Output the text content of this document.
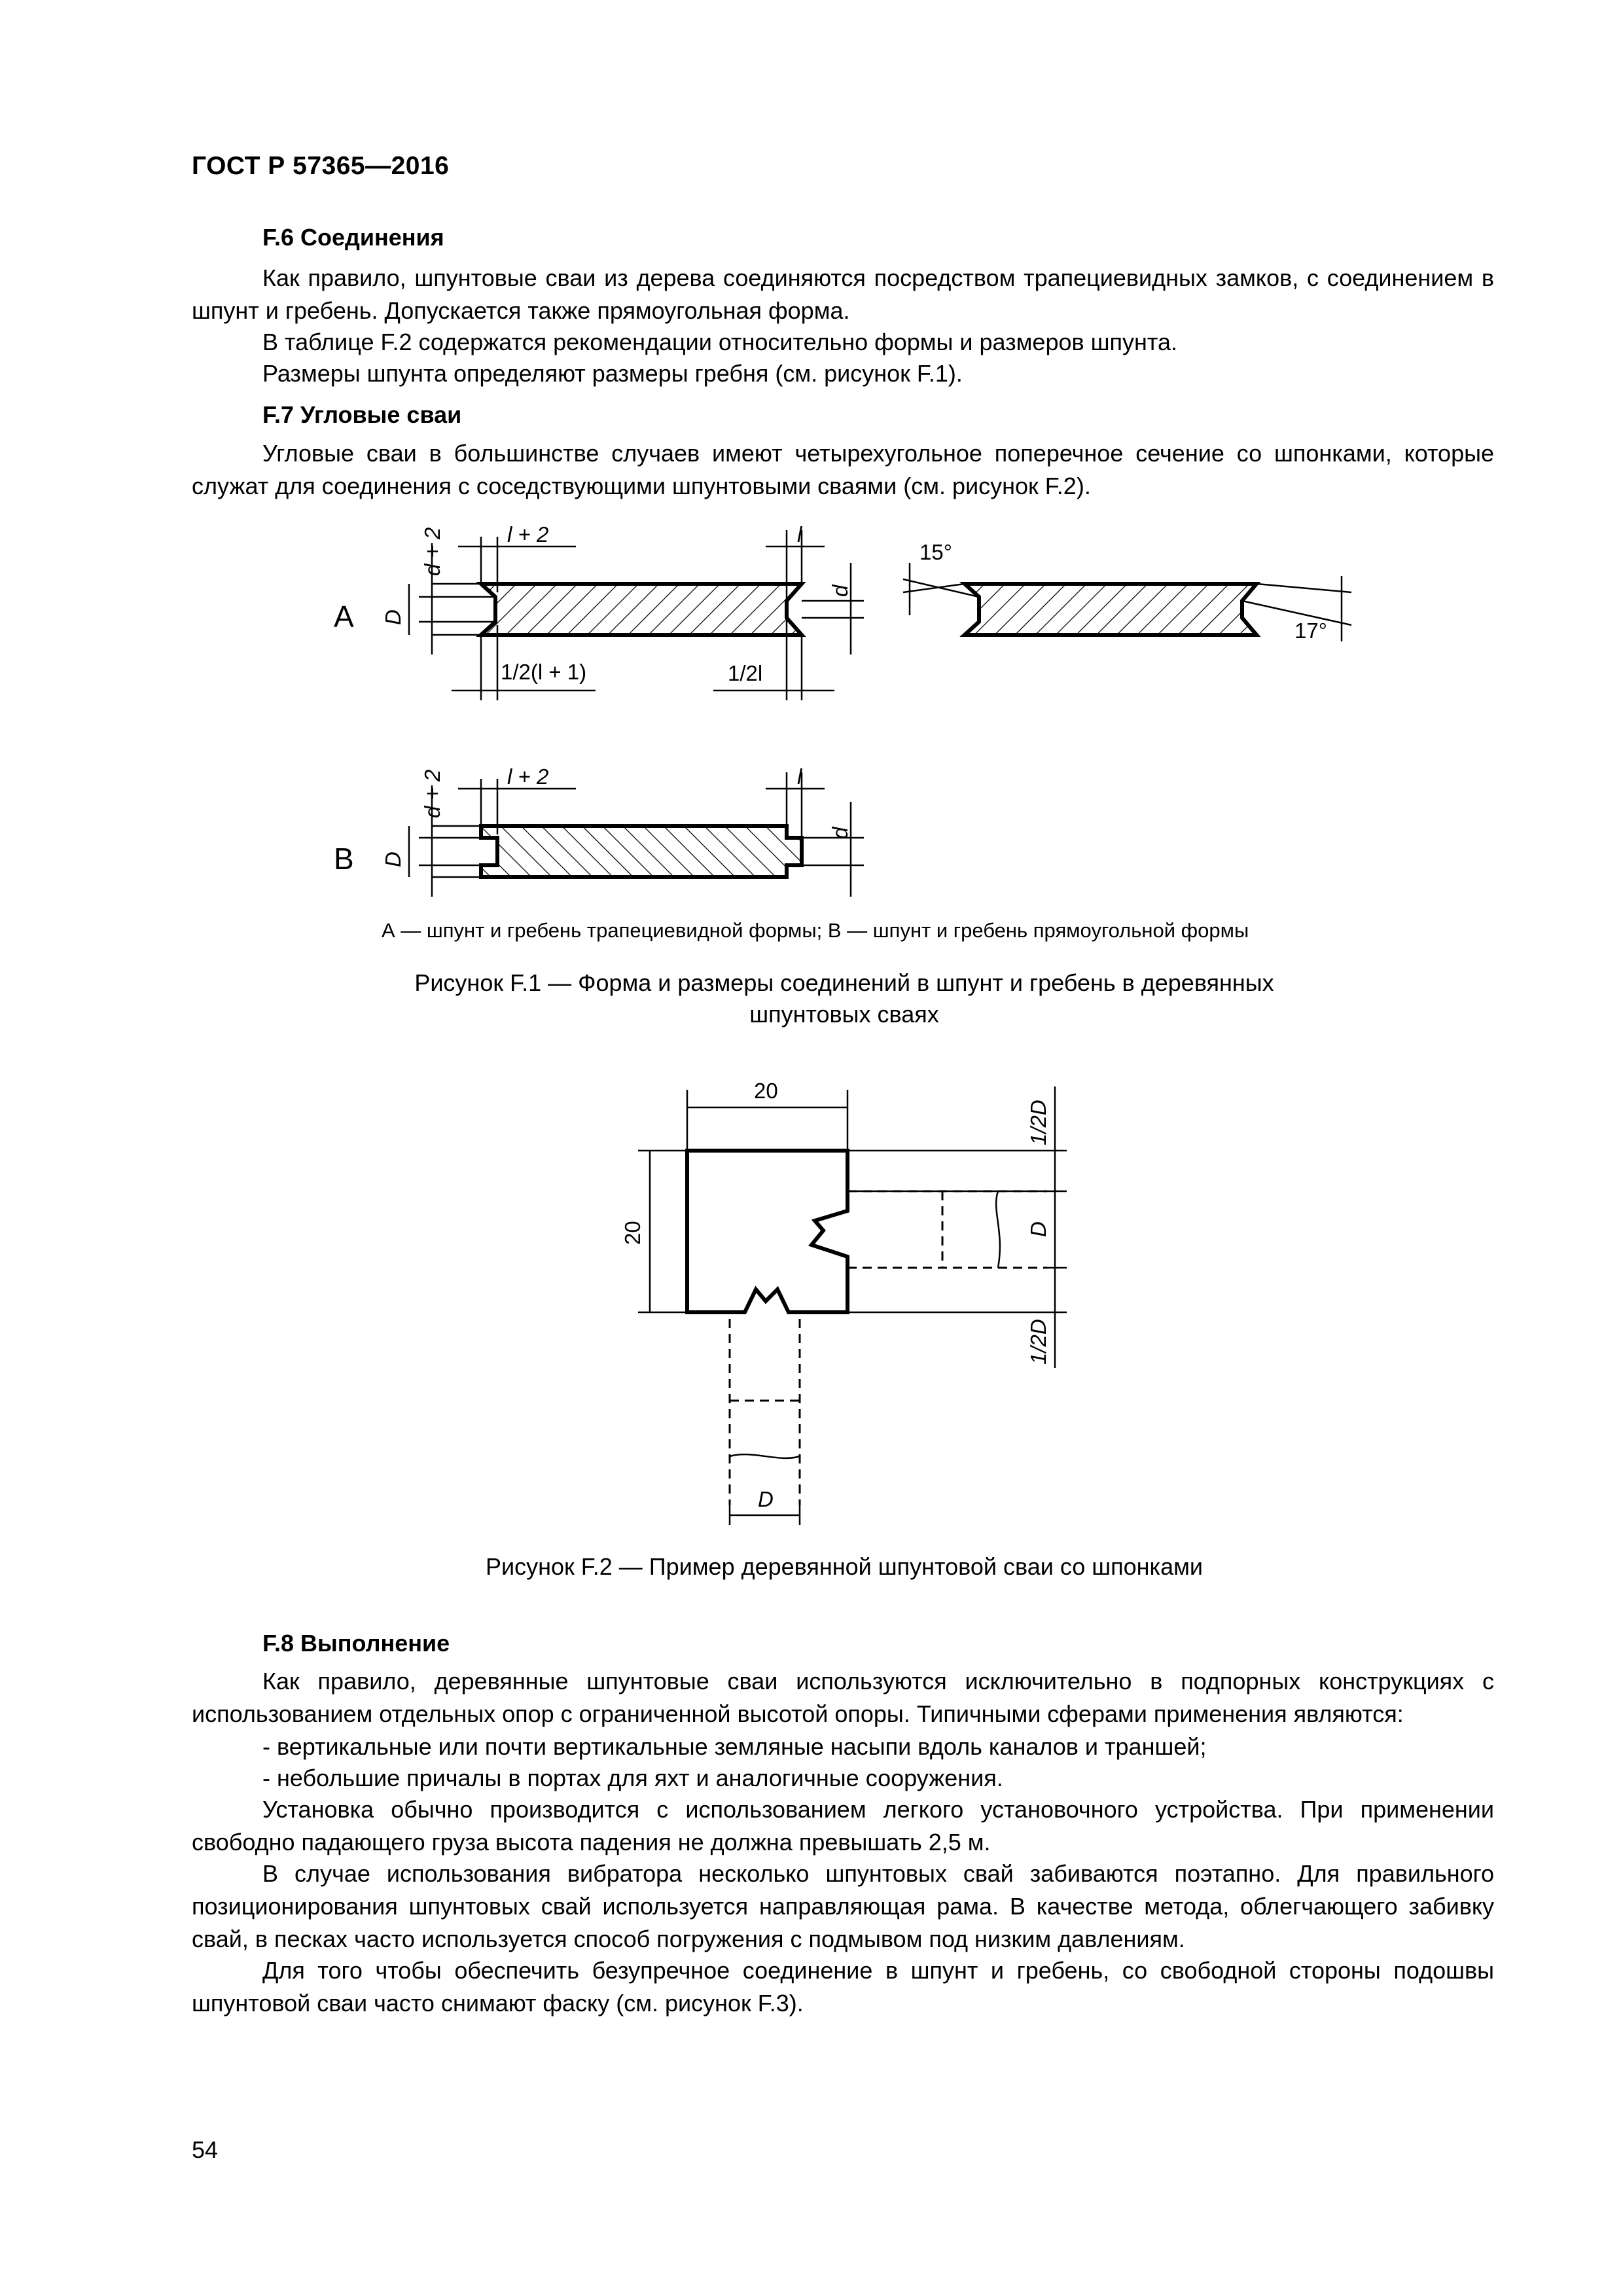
ГОСТ Р 57365—2016
F.6 Соединения
Как правило, шпунтовые сваи из дерева соединяются посредством трапециевидных замков, с соединением в шпунт и гребень. Допускается также прямоугольная форма.
В таблице F.2 содержатся рекомендации относительно формы и размеров шпунта.
Размеры шпунта определяют размеры гребня (см. рисунок F.1).
F.7 Угловые сваи
Угловые сваи в большинстве случаев имеют четырехугольное поперечное сечение со шпонками, которые служат для соединения с соседствующими шпунтовыми сваями (см. рисунок F.2).
А
d + 2
D
l + 2	l
d
1/2(l + 1)	1/2l
15°
17°
В
d + 2
D
l + 2	l
d
А — шпунт и гребень трапециевидной формы; В — шпунт и гребень прямоугольной формы
Рисунок F.1 — Форма и размеры соединений в шпунт и гребень в деревянных
шпунтовых сваях
20
20
1/2D
D
1/2D
D
Рисунок F.2 — Пример деревянной шпунтовой сваи со шпонками
F.8 Выполнение
Как правило, деревянные шпунтовые сваи используются исключительно в подпорных конструкциях с использованием отдельных опор с ограниченной высотой опоры. Типичными сферами применения являются:
- вертикальные или почти вертикальные земляные насыпи вдоль каналов и траншей;
- небольшие причалы в портах для яхт и аналогичные сооружения.
Установка обычно производится с использованием легкого установочного устройства. При применении свободно падающего груза высота падения не должна превышать 2,5 м.
В случае использования вибратора несколько шпунтовых свай забиваются поэтапно. Для правильного позиционирования шпунтовых свай используется направляющая рама. В качестве метода, облегчающего забивку свай, в песках часто используется способ погружения с подмывом под низким давлениям.
Для того чтобы обеспечить безупречное соединение в шпунт и гребень, со свободной стороны подошвы шпунтовой сваи часто снимают фаску (см. рисунок F.3).
54
